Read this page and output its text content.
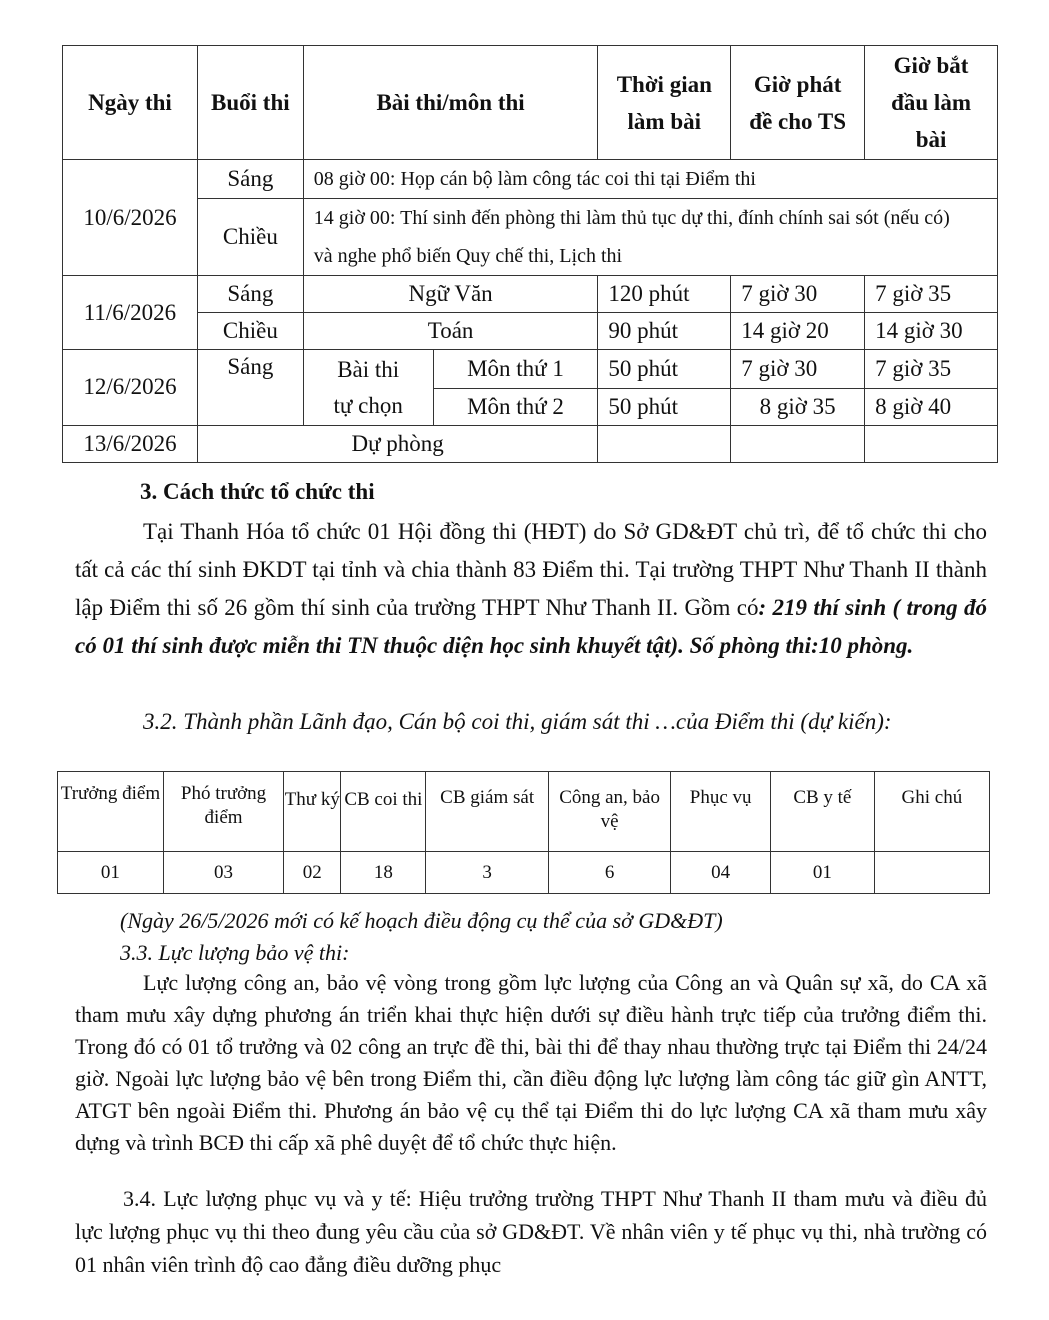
Ngày thi	Buổi thi	Bài thi/môn thi		Thời gian làm bài	Giờ phát đề cho TS	Giờ bắt đầu làm bài
10/6/2026	Sáng	08 giờ 00: Họp cán bộ làm công tác coi thi tại Điểm thi				
	Chiều	14 giờ 00: Thí sinh đến phòng thi làm thủ tục dự thi, đính chính sai sót (nếu có)				
		và nghe phổ biến Quy chế thi, Lịch thi				
11/6/2026	Sáng	Ngữ Văn		120 phút	7 giờ 30	7 giờ 35
	Chiều	Toán		90 phút	14 giờ 20	14 giờ 30
12/6/2026	Sáng	Bài thi	Môn thứ 1	50 phút	7 giờ 30	7 giờ 35
		tự chọn	Môn thứ 2	50 phút	8 giờ 35	8 giờ 40
13/6/2026	Dự phòng					

3. Cách thức tổ chức thi

Tại Thanh Hóa tổ chức 01 Hội đồng thi (HĐT) do Sở GD&ĐT chủ trì, để tổ chức thi cho tất cả các thí sinh ĐKDT tại tỉnh và chia thành 83 Điểm thi. Tại trường THPT Như Thanh II thành lập Điểm thi số 26 gồm thí sinh của trường THPT Như Thanh II. Gồm có: 219 thí sinh ( trong đó có 01 thí sinh được miễn thi TN thuộc diện học sinh khuyết tật). Số phòng thi:10 phòng.

3.2. Thành phần Lãnh đạo, Cán bộ coi thi, giám sát thi …của Điểm thi (dự kiến):

Trưởng điểm	Phó trưởng điểm	Thư ký	CB coi thi	CB giám sát	Công an, bảo vệ	Phục vụ	CB y tế	Ghi chú
01	03	02	18	3	6	04	01	

(Ngày 26/5/2026 mới có kế hoạch điều động cụ thể của sở GD&ĐT)

3.3. Lực lượng bảo vệ thi:

Lực lượng công an, bảo vệ vòng trong gồm lực lượng của Công an và Quân sự xã, do CA xã tham mưu xây dựng phương án triển khai thực hiện dưới sự điều hành trực tiếp của trưởng điểm thi. Trong đó có 01 tổ trưởng và 02 công an trực đề thi, bài thi để thay nhau thường trực tại Điểm thi 24/24 giờ. Ngoài lực lượng bảo vệ bên trong Điểm thi, cần điều động lực lượng làm công tác giữ gìn ANTT, ATGT bên ngoài Điểm thi. Phương án bảo vệ cụ thể tại Điểm thi do lực lượng CA xã tham mưu xây dựng và trình BCĐ thi cấp xã phê duyệt để tổ chức thực hiện.

3.4. Lực lượng phục vụ và y tế: Hiệu trưởng trường THPT Như Thanh II tham mưu và điều đủ lực lượng phục vụ thi theo đung yêu cầu của sở GD&ĐT. Về nhân viên y tế phục vụ thi, nhà trường có 01 nhân viên trình độ cao đẳng điều dưỡng phục
